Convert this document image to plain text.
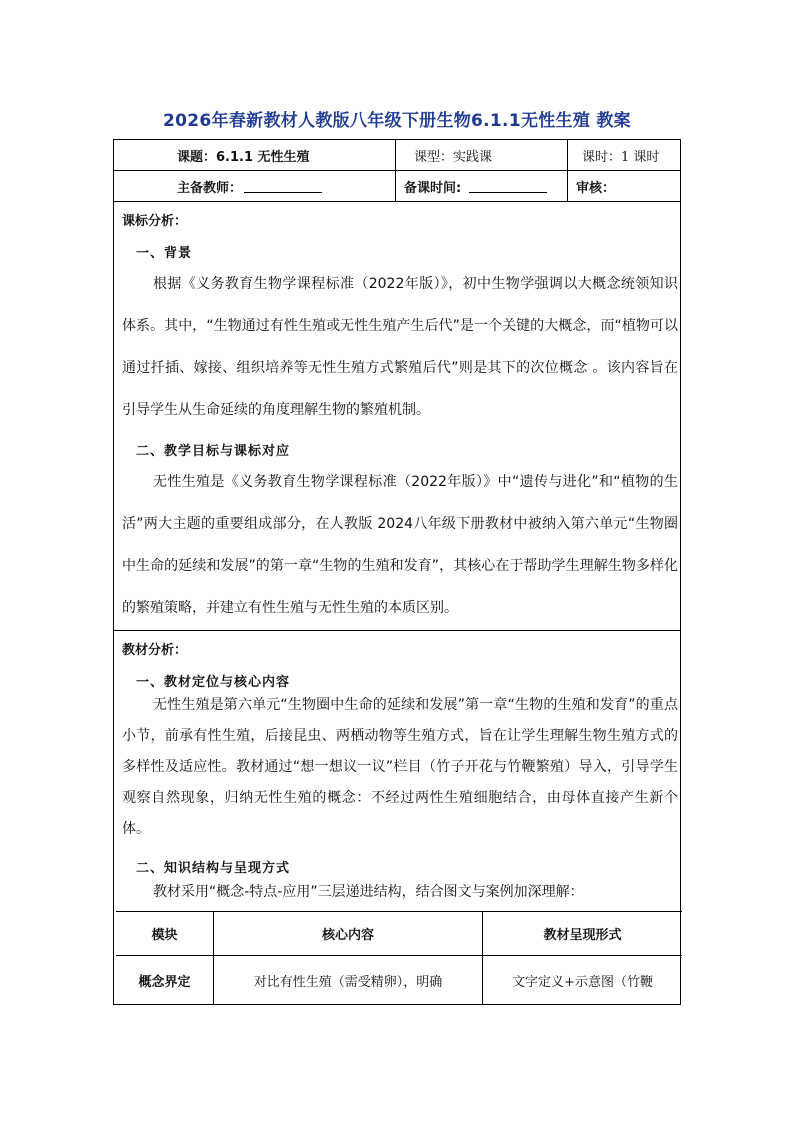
2026年春新教材人教版八年级下册生物6.1.1无性生殖 教案
课题：6.1.1 无性生殖	课型：实践课	课时：1 课时
主备教师：	备课时间:	审核：
课标分析：
一、背景
根据《义务教育生物学课程标准（2022年版）》，初中生物学强调以大概念统领知识体系。其中，“生物通过有性生殖或无性生殖产生后代”是一个关键的大概念，而“植物可以通过扦插、嫁接、组织培养等无性生殖方式繁殖后代”则是其下的次位概念 。该内容旨在引导学生从生命延续的角度理解生物的繁殖机制。
二、教学目标与课标对应
无性生殖是《义务教育生物学课程标准（2022年版）》中“遗传与进化”和“植物的生活”两大主题的重要组成部分，在人教版 2024八年级下册教材中被纳入第六单元“生物圈中生命的延续和发展”的第一章“生物的生殖和发育”，其核心在于帮助学生理解生物多样化的繁殖策略，并建立有性生殖与无性生殖的本质区别。
教材分析：
一、教材定位与核心内容
无性生殖是第六单元“生物圈中生命的延续和发展”第一章“生物的生殖和发育”的重点小节，前承有性生殖，后接昆虫、两栖动物等生殖方式，旨在让学生理解生物生殖方式的多样性及适应性。教材通过“想一想议一议”栏目（竹子开花与竹鞭繁殖）导入，引导学生观察自然现象，归纳无性生殖的概念：不经过两性生殖细胞结合，由母体直接产生新个体。
二、知识结构与呈现方式
教材采用“概念-特点-应用”三层递进结构，结合图文与案例加深理解：
模块	核心内容	教材呈现形式
概念界定	对比有性生殖（需受精卵），明确	文字定义+示意图（竹鞭
